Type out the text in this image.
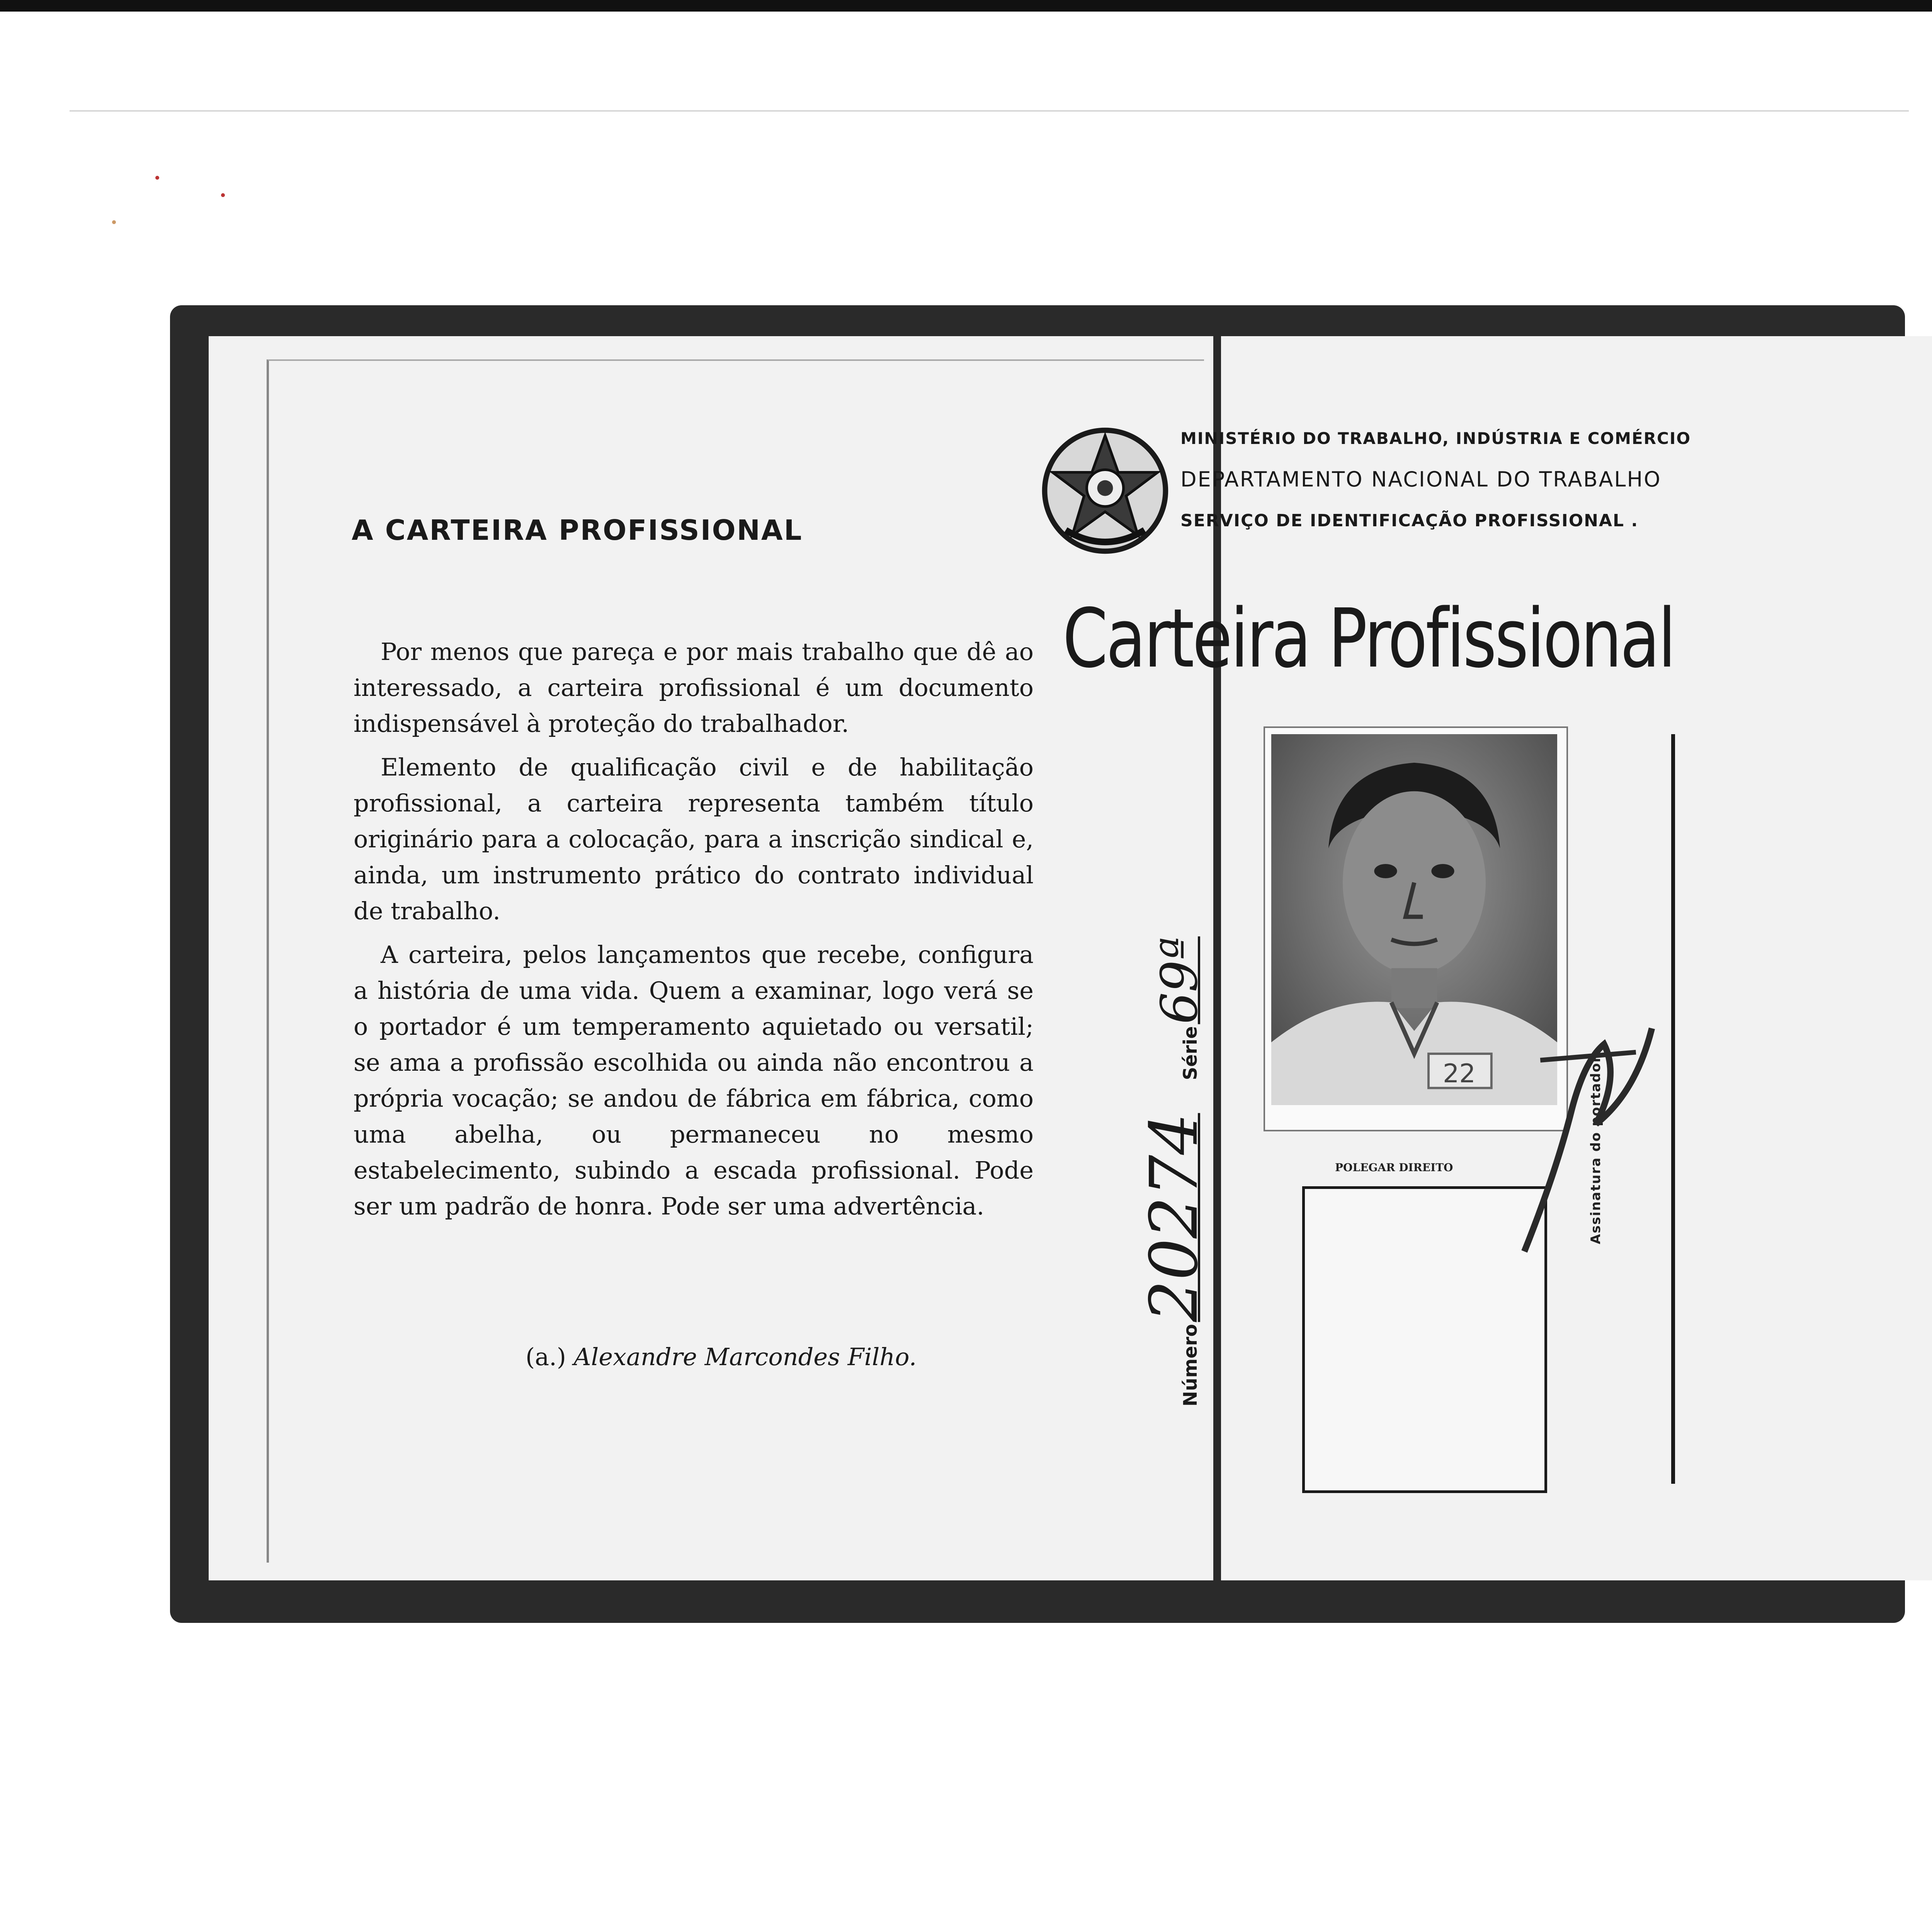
A CARTEIRA PROFISSIONAL

Por menos que pareça e por mais trabalho que dê ao interessado, a carteira profissional é um documento indispensável à proteção do trabalhador.

Elemento de qualificação civil e de habilitação profissional, a carteira representa também título originário para a colocação, para a inscrição sindical e, ainda, um instrumento prático do contrato individual de trabalho.

A carteira, pelos lançamentos que recebe, configura a história de uma vida. Quem a examinar, logo verá se o portador é um temperamento aquietado ou versatil; se ama a profissão escolhida ou ainda não encontrou a própria vocação; se andou de fábrica em fábrica, como uma abelha, ou permaneceu no mesmo estabelecimento, subindo a escada profissional. Pode ser um padrão de honra. Pode ser uma advertência.

(a.) Alexandre Marcondes Filho.
MINISTÉRIO DO TRABALHO, INDÚSTRIA E COMÉRCIO
DEPARTAMENTO NACIONAL DO TRABALHO
SERVIÇO DE IDENTIFICAÇÃO PROFISSIONAL .
Carteira Profissional
22
POLEGAR DIREITO	Assinatura do portador
Número 20274 Série 69ª
